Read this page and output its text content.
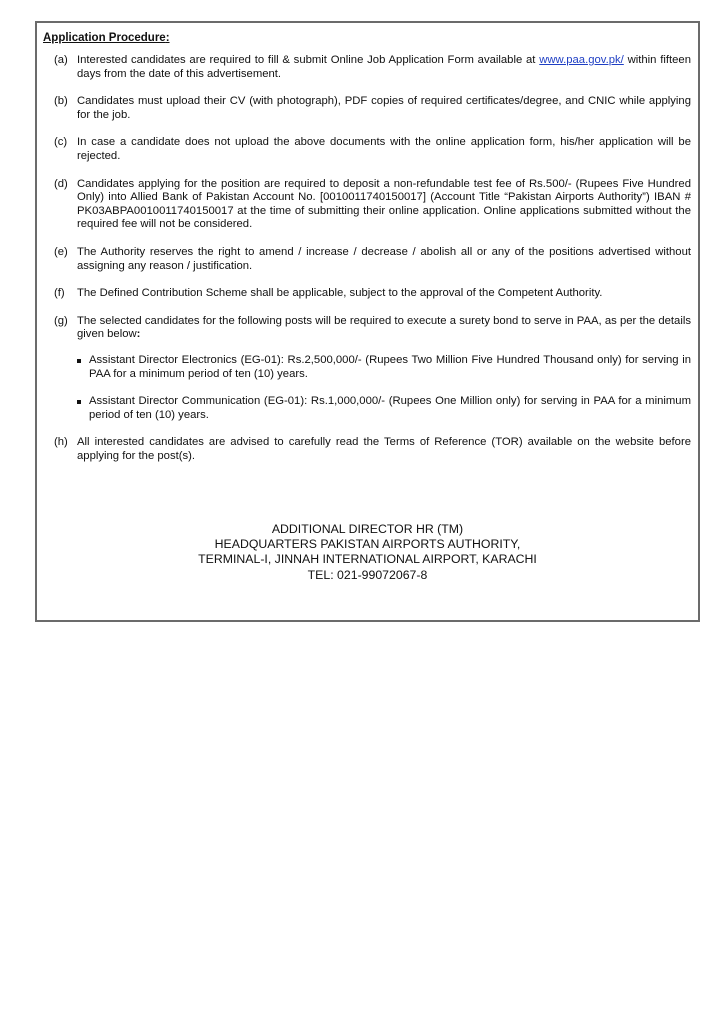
Application Procedure:
(a) Interested candidates are required to fill & submit Online Job Application Form available at www.paa.gov.pk/ within fifteen days from the date of this advertisement.
(b) Candidates must upload their CV (with photograph), PDF copies of required certificates/degree, and CNIC while applying for the job.
(c) In case a candidate does not upload the above documents with the online application form, his/her application will be rejected.
(d) Candidates applying for the position are required to deposit a non-refundable test fee of Rs.500/- (Rupees Five Hundred Only) into Allied Bank of Pakistan Account No. [0010011740150017] (Account Title “Pakistan Airports Authority”) IBAN # PK03ABPA0010011740150017 at the time of submitting their online application. Online applications submitted without the required fee will not be considered.
(e) The Authority reserves the right to amend / increase / decrease / abolish all or any of the positions advertised without assigning any reason / justification.
(f) The Defined Contribution Scheme shall be applicable, subject to the approval of the Competent Authority.
(g) The selected candidates for the following posts will be required to execute a surety bond to serve in PAA, as per the details given below:
Assistant Director Electronics (EG-01): Rs.2,500,000/- (Rupees Two Million Five Hundred Thousand only) for serving in PAA for a minimum period of ten (10) years.
Assistant Director Communication (EG-01): Rs.1,000,000/- (Rupees One Million only) for serving in PAA for a minimum period of ten (10) years.
(h) All interested candidates are advised to carefully read the Terms of Reference (TOR) available on the website before applying for the post(s).
ADDITIONAL DIRECTOR HR (TM)
HEADQUARTERS PAKISTAN AIRPORTS AUTHORITY,
TERMINAL-I, JINNAH INTERNATIONAL AIRPORT, KARACHI
TEL: 021-99072067-8
